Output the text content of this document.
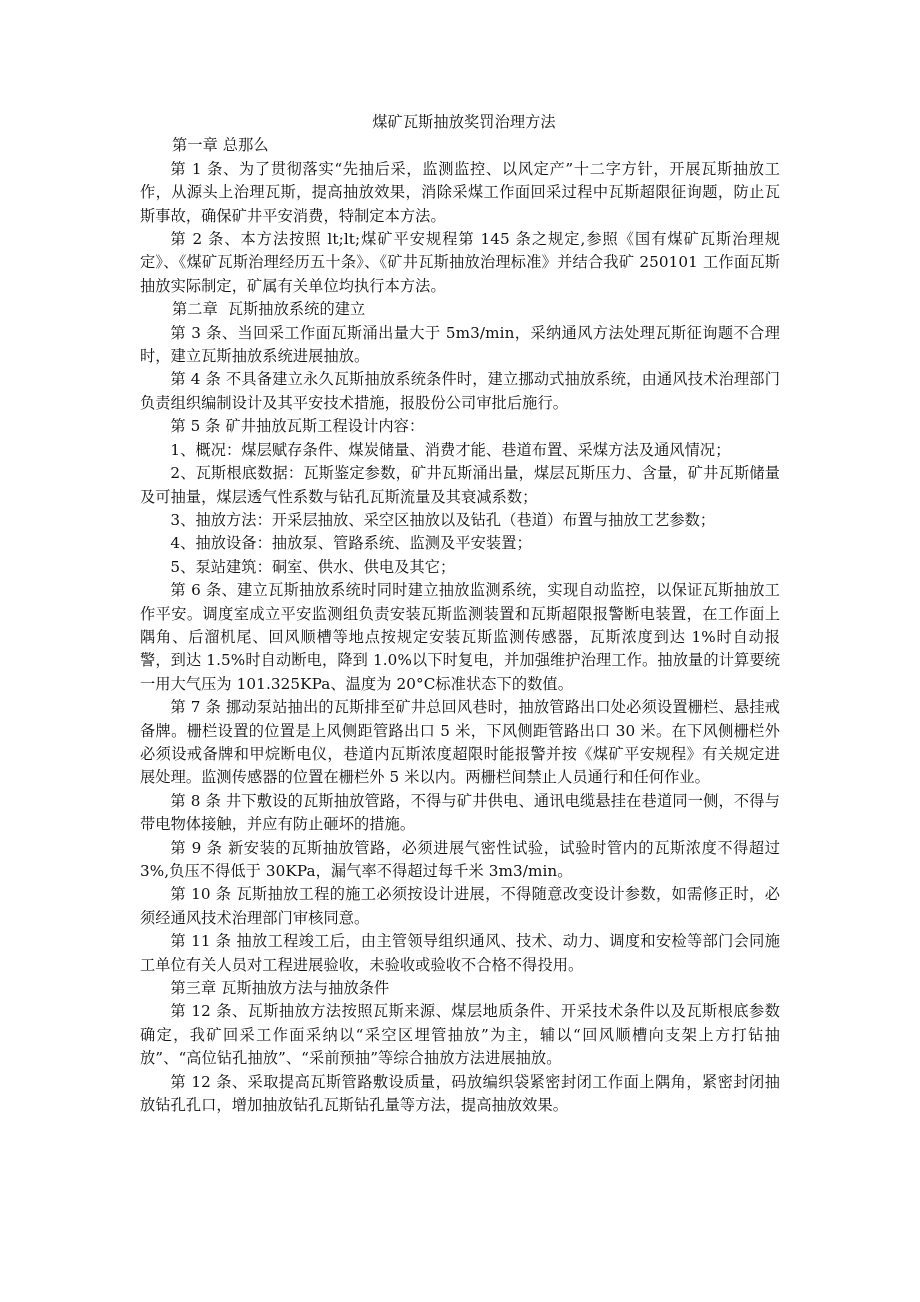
煤矿瓦斯抽放奖罚治理方法

第一章 总那么

第 1 条、为了贯彻落实“先抽后采，监测监控、以风定产”十二字方针，开展瓦斯抽放工作，从源头上治理瓦斯，提高抽放效果，消除采煤工作面回采过程中瓦斯超限征询题，防止瓦斯事故，确保矿井平安消费，特制定本方法。

第 2 条、本方法按照 lt;lt;煤矿平安规程第 145 条之规定,参照《国有煤矿瓦斯治理规定》、《煤矿瓦斯治理经历五十条》、《矿井瓦斯抽放治理标准》并结合我矿 250101 工作面瓦斯抽放实际制定，矿属有关单位均执行本方法。

第二章  瓦斯抽放系统的建立

第 3 条、当回采工作面瓦斯涌出量大于 5m3/min，采纳通风方法处理瓦斯征询题不合理时，建立瓦斯抽放系统进展抽放。

第 4 条 不具备建立永久瓦斯抽放系统条件时，建立挪动式抽放系统，由通风技术治理部门负责组织编制设计及其平安技术措施，报股份公司审批后施行。

第 5 条 矿井抽放瓦斯工程设计内容：

1、概况：煤层赋存条件、煤炭储量、消费才能、巷道布置、采煤方法及通风情况；

2、瓦斯根底数据：瓦斯鉴定参数，矿井瓦斯涌出量，煤层瓦斯压力、含量，矿井瓦斯储量及可抽量，煤层透气性系数与钻孔瓦斯流量及其衰减系数；

3、抽放方法：开采层抽放、采空区抽放以及钻孔（巷道）布置与抽放工艺参数；

4、抽放设备：抽放泵、管路系统、监测及平安装置；

5、泵站建筑：硐室、供水、供电及其它；

第 6 条、建立瓦斯抽放系统时同时建立抽放监测系统，实现自动监控，以保证瓦斯抽放工作平安。调度室成立平安监测组负责安装瓦斯监测装置和瓦斯超限报警断电装置，在工作面上隅角、后溜机尾、回风顺槽等地点按规定安装瓦斯监测传感器，瓦斯浓度到达 1%时自动报警，到达 1.5%时自动断电，降到 1.0%以下时复电，并加强维护治理工作。抽放量的计算要统一用大气压为 101.325KPa、温度为 20°C标准状态下的数值。

第 7 条 挪动泵站抽出的瓦斯排至矿井总回风巷时，抽放管路出口处必须设置栅栏、悬挂戒备牌。栅栏设置的位置是上风侧距管路出口 5 米，下风侧距管路出口 30 米。在下风侧栅栏外必须设戒备牌和甲烷断电仪，巷道内瓦斯浓度超限时能报警并按《煤矿平安规程》有关规定进展处理。监测传感器的位置在栅栏外 5 米以内。两栅栏间禁止人员通行和任何作业。

第 8 条 井下敷设的瓦斯抽放管路，不得与矿井供电、通讯电缆悬挂在巷道同一侧，不得与带电物体接触，并应有防止砸坏的措施。

第 9 条 新安装的瓦斯抽放管路，必须进展气密性试验，试验时管内的瓦斯浓度不得超过 3%,负压不得低于 30KPa，漏气率不得超过每千米 3m3/min。

第 10 条 瓦斯抽放工程的施工必须按设计进展，不得随意改变设计参数，如需修正时，必须经通风技术治理部门审核同意。

第 11 条 抽放工程竣工后，由主管领导组织通风、技术、动力、调度和安检等部门会同施工单位有关人员对工程进展验收，未验收或验收不合格不得投用。

第三章 瓦斯抽放方法与抽放条件

第 12 条、瓦斯抽放方法按照瓦斯来源、煤层地质条件、开采技术条件以及瓦斯根底参数确定，我矿回采工作面采纳以“采空区埋管抽放”为主，辅以“回风顺槽向支架上方打钻抽放”、“高位钻孔抽放”、“采前预抽”等综合抽放方法进展抽放。

第 12 条、采取提高瓦斯管路敷设质量，码放编织袋紧密封闭工作面上隅角，紧密封闭抽放钻孔孔口，增加抽放钻孔瓦斯钻孔量等方法，提高抽放效果。
